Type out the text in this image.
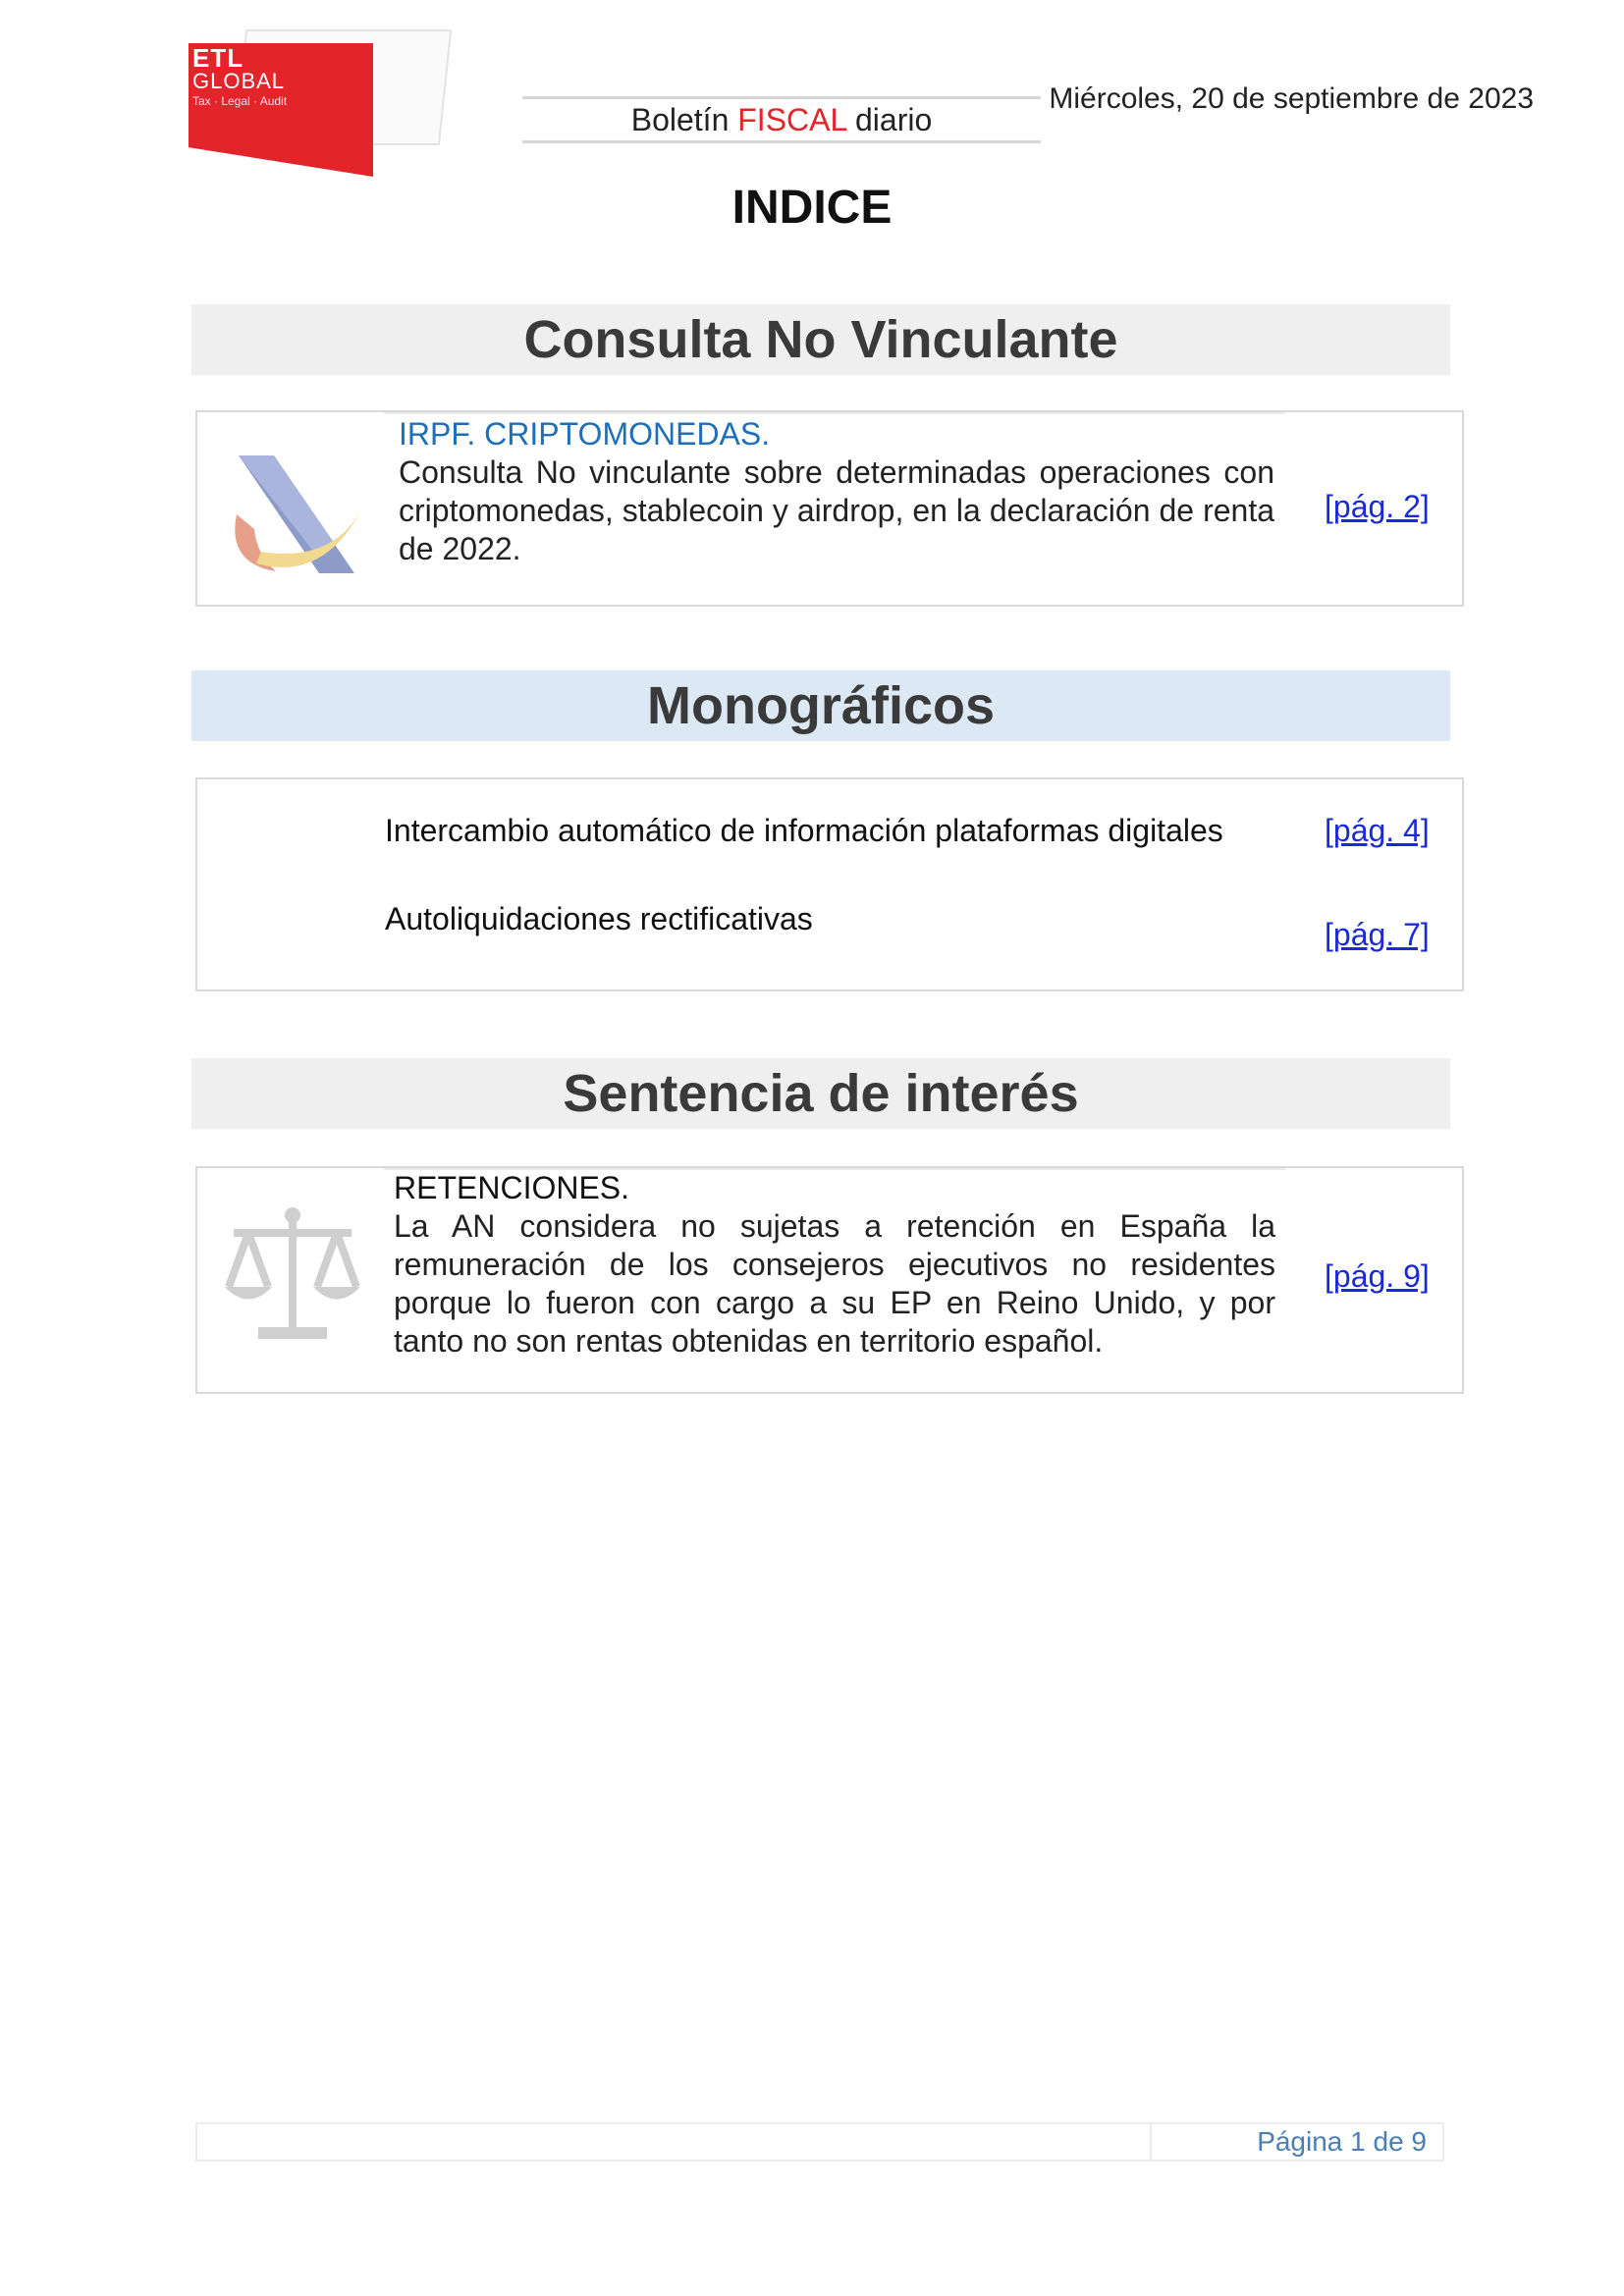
ETL
GLOBAL
Tax · Legal · Audit
Boletín FISCAL diario
Miércoles, 20 de septiembre de 2023
INDICE
Consulta No Vinculante
IRPF. CRIPTOMONEDAS.
Consulta No vinculante sobre determinadas operaciones con criptomonedas, stablecoin y airdrop, en la declaración de renta de 2022.
[pág. 2]
Monográficos
Intercambio automático de información plataformas digitales	[pág. 4]
Autoliquidaciones rectificativas	[pág. 7]
Sentencia de interés
RETENCIONES.
La AN considera no sujetas a retención en España la remuneración de los consejeros ejecutivos no residentes porque lo fueron con cargo a su EP en Reino Unido, y por tanto no son rentas obtenidas en territorio español.
[pág. 9]
Página 1 de 9
